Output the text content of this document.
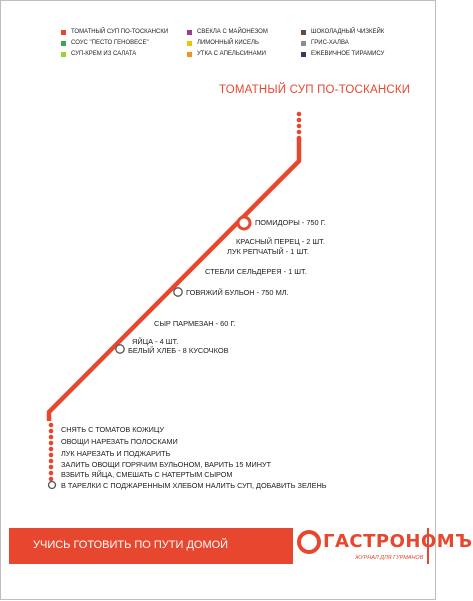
ТОМАТНЫЙ СУП ПО-ТОСКАНСКИ	СВЕКЛА С МАЙОНЕЗОМ	ШОКОЛАДНЫЙ ЧИЗКЕЙК
СОУС "ПЕСТО ГЕНОВЕСЕ"	ЛИМОННЫЙ КИСЕЛЬ	ГРИС-ХАЛВА
СУП-КРЕМ ИЗ САЛАТА	УТКА С АПЕЛЬСИНАМИ	ЕЖЕВИЧНОЕ ТИРАМИСУ
ТОМАТНЫЙ СУП ПО-ТОСКАНСКИ
ПОМИДОРЫ - 750 Г.
КРАСНЫЙ ПЕРЕЦ - 2 ШТ.
ЛУК РЕПЧАТЫЙ - 1 ШТ.
СТЕБЛИ СЕЛЬДЕРЕЯ - 1 ШТ.
ГОВЯЖИЙ БУЛЬОН - 750 МЛ.
СЫР ПАРМЕЗАН - 60 Г.
ЯЙЦА - 4 ШТ.
БЕЛЫЙ ХЛЕБ - 8 КУСОЧКОВ
СНЯТЬ С ТОМАТОВ КОЖИЦУ
ОВОЩИ НАРЕЗАТЬ ПОЛОСКАМИ
ЛУК НАРЕЗАТЬ И ПОДЖАРИТЬ
ЗАЛИТЬ ОВОЩИ ГОРЯЧИМ БУЛЬОНОМ, ВАРИТЬ 15 МИНУТ
ВЗБИТЬ ЯЙЦА, СМЕШАТЬ С НАТЕРТЫМ СЫРОМ
В ТАРЕЛКИ С ПОДЖАРЕННЫМ ХЛЕБОМ НАЛИТЬ СУП, ДОБАВИТЬ ЗЕЛЕНЬ
УЧИСЬ ГОТОВИТЬ ПО ПУТИ ДОМОЙ	ГАСТРОНОМЪ
ЖУРНАЛ ДЛЯ ГУРМАНОВ
